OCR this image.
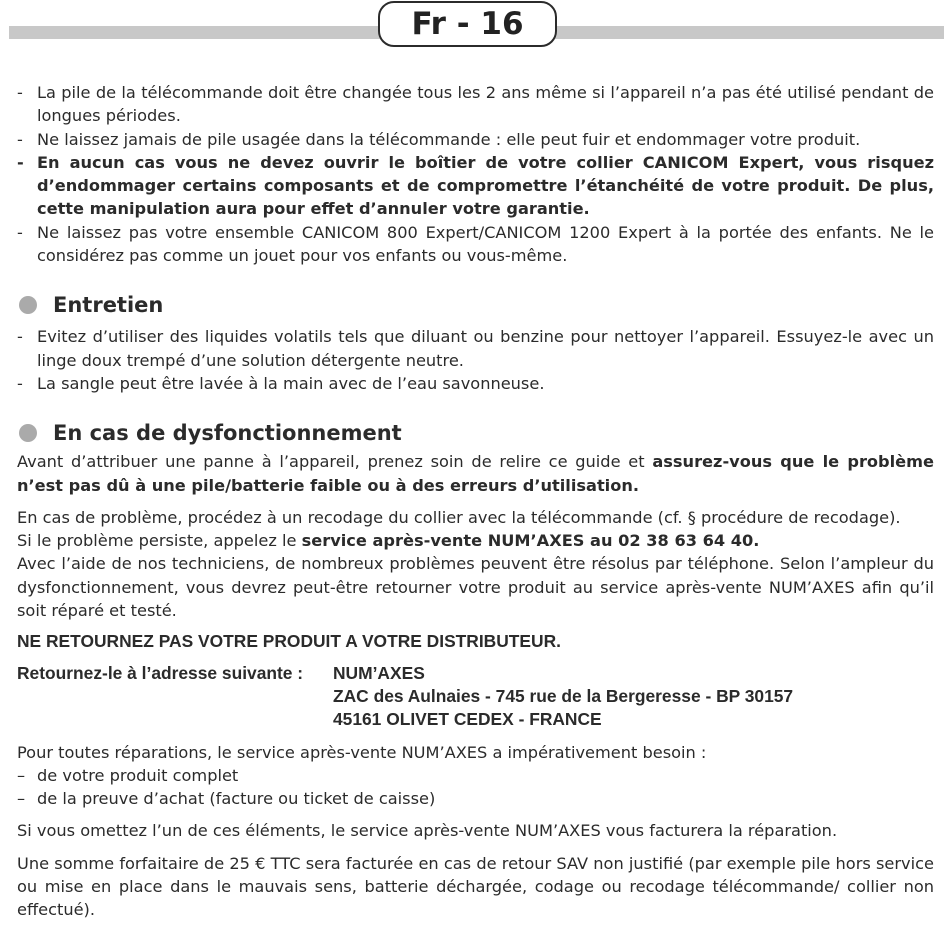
Fr - 16
- La pile de la télécommande doit être changée tous les 2 ans même si l’appareil n’a pas été utilisé pendant de longues périodes.
- Ne laissez jamais de pile usagée dans la télécommande : elle peut fuir et endommager votre produit.
- En aucun cas vous ne devez ouvrir le boîtier de votre collier CANICOM Expert, vous risquez d’endommager certains composants et de compromettre l’étanchéité de votre produit. De plus, cette manipulation aura pour effet d’annuler votre garantie.
- Ne laissez pas votre ensemble CANICOM 800 Expert/CANICOM 1200 Expert à la portée des enfants. Ne le considérez pas comme un jouet pour vos enfants ou vous-même.
Entretien
- Evitez d’utiliser des liquides volatils tels que diluant ou benzine pour nettoyer l’appareil. Essuyez-le avec un linge doux trempé d’une solution détergente neutre.
- La sangle peut être lavée à la main avec de l’eau savonneuse.
En cas de dysfonctionnement

Avant d’attribuer une panne à l’appareil, prenez soin de relire ce guide et assurez-vous que le problème n’est pas dû à une pile/batterie faible ou à des erreurs d’utilisation.

En cas de problème, procédez à un recodage du collier avec la télécommande (cf. § procédure de recodage).
Si le problème persiste, appelez le service après-vente NUM’AXES au 02 38 63 64 40.

Avec l’aide de nos techniciens, de nombreux problèmes peuvent être résolus par téléphone. Selon l’ampleur du dysfonctionnement, vous devrez peut-être retourner votre produit au service après-vente NUM’AXES afin qu’il soit réparé et testé.

NE RETOURNEZ PAS VOTRE PRODUIT A VOTRE DISTRIBUTEUR.

Retournez-le à l’adresse suivante : NUM’AXES
ZAC des Aulnaies - 745 rue de la Bergeresse - BP 30157
45161 OLIVET CEDEX - FRANCE

Pour toutes réparations, le service après-vente NUM’AXES a impérativement besoin :

– de votre produit complet
– de la preuve d’achat (facture ou ticket de caisse)

Si vous omettez l’un de ces éléments, le service après-vente NUM’AXES vous facturera la réparation.

Une somme forfaitaire de 25 € TTC sera facturée en cas de retour SAV non justifié (par exemple pile hors service ou mise en place dans le mauvais sens, batterie déchargée, codage ou recodage télécommande/ collier non effectué).
